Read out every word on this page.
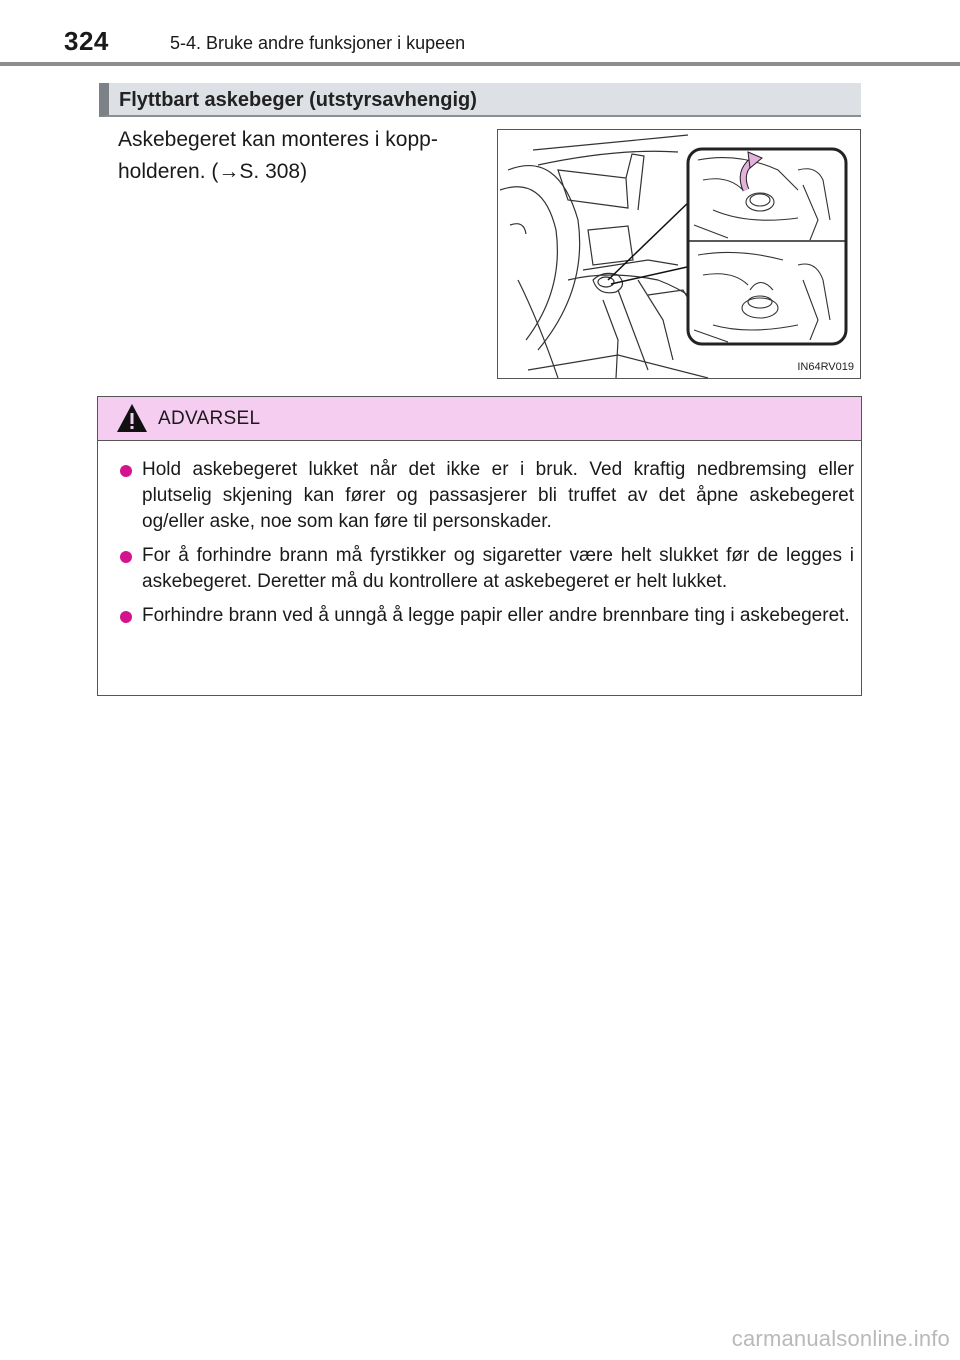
324	5-4. Bruke andre funksjoner i kupeen
Flyttbart askebeger (utstyrsavhengig)
Askebegeret kan monteres i kopp-
holderen. (→S. 308)
IN64RV019
ADVARSEL
Hold askebegeret lukket når det ikke er i bruk. Ved kraftig nedbremsing eller plutselig skjening kan fører og passasjerer bli truffet av det åpne askebegeret og/eller aske, noe som kan føre til personskader.
For å forhindre brann må fyrstikker og sigaretter være helt slukket før de legges i askebegeret. Deretter må du kontrollere at askebegeret er helt lukket.
Forhindre brann ved å unngå å legge papir eller andre brennbare ting i askebegeret.
carmanualsonline.info
